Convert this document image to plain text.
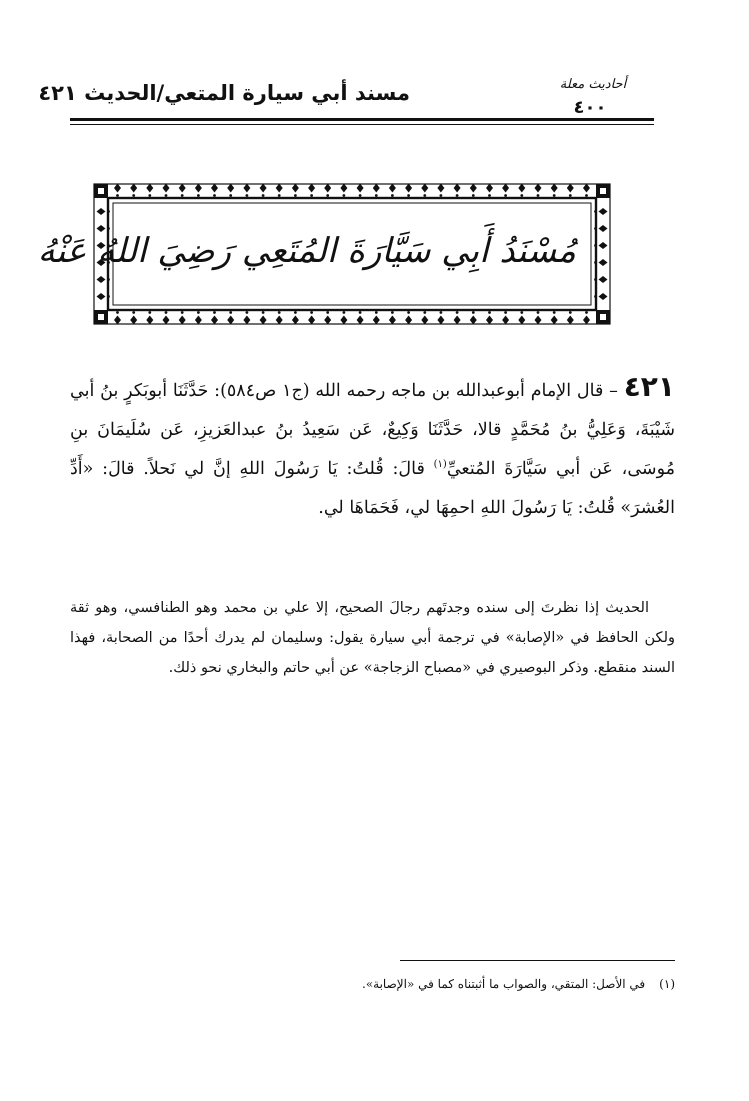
مسند أبي سيارة المتعي/الحديث ٤٢١	أحاديث معلة
٤٠٠
مُسْنَدُ أَبِي سَيَّارَةَ المُتَعِي رَضِيَ اللهُ عَنْهُ
٤٢١ – قال الإمام أبوعبدالله بن ماجه رحمه الله (ج١ ص٥٨٤): حَدَّثَنَا أبوبَكرٍ بنُ أبي شَيْبَةَ، وَعَلِيُّ بنُ مُحَمَّدٍ قالا، حَدَّثَنَا وَكِيعٌ، عَن سَعِيدُ بنُ عبدالعَزيزِ، عَن سُلَيمَانَ بنِ مُوسَى، عَن أبي سَيَّارَةَ المُتعيِّ$^{(١)}$ قالَ: قُلتُ: يَا رَسُولَ اللهِ إنَّ لي نَحلاً. قالَ: «أَدِّ العُشرَ» قُلتُ: يَا رَسُولَ اللهِ احمِهَا لي، فَحَمَاهَا لي.
الحديث إذا نظرتَ إلى سنده وجدتَهم رجالَ الصحيح، إلا علي بن محمد وهو الطنافسي، وهو ثقة ولكن الحافظ في «الإصابة» في ترجمة أبي سيارة يقول: وسليمان لم يدرك أحدًا من الصحابة، فهذا السند منقطع. وذكر البوصيري في «مصباح الزجاجة» عن أبي حاتم والبخاري نحو ذلك.
(١)في الأصل: المتقي، والصواب ما أثبتناه كما في «الإصابة».
